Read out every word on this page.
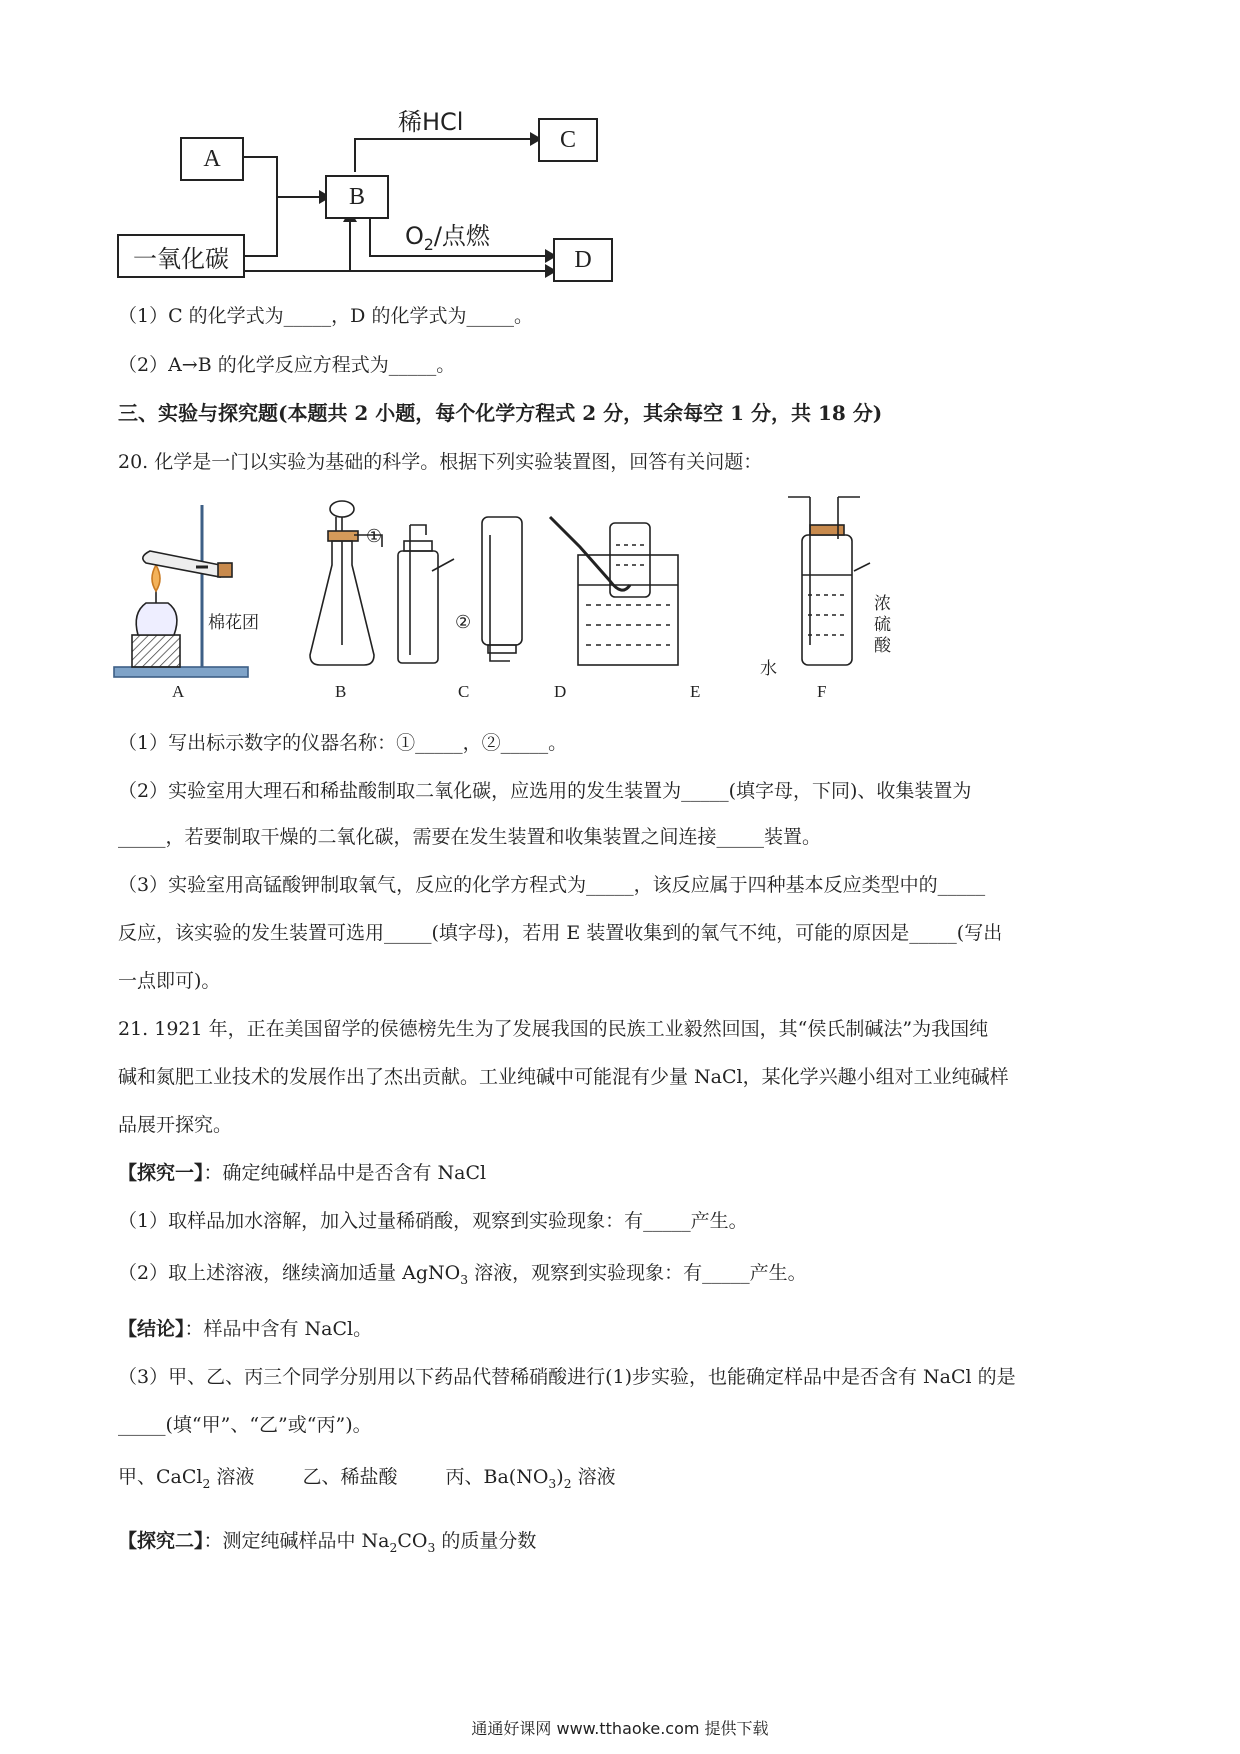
A
B
C
D
一氧化碳
稀HCl
$O_2/$点燃
（1）C 的化学式为_____，D 的化学式为_____。
（2）A→B 的化学反应方程式为_____。
三、实验与探究题(本题共 2 小题，每个化学方程式 2 分，其余每空 1 分，共 18 分)
20. 化学是一门以实验为基础的科学。根据下列实验装置图，回答有关问题：
A	B	C	D	E	F
棉花团
①
②
水
浓
硫
酸
（1）写出标示数字的仪器名称：①_____，②_____。
（2）实验室用大理石和稀盐酸制取二氧化碳，应选用的发生装置为_____(填字母，下同)、收集装置为
_____，若要制取干燥的二氧化碳，需要在发生装置和收集装置之间连接_____装置。
（3）实验室用高锰酸钾制取氧气，反应的化学方程式为_____，该反应属于四种基本反应类型中的_____
反应，该实验的发生装置可选用_____(填字母)，若用 E 装置收集到的氧气不纯，可能的原因是_____(写出
一点即可)。
21. 1921 年，正在美国留学的侯德榜先生为了发展我国的民族工业毅然回国，其“侯氏制碱法”为我国纯
碱和氮肥工业技术的发展作出了杰出贡献。工业纯碱中可能混有少量 NaCl，某化学兴趣小组对工业纯碱样
品展开探究。
【探究一】：确定纯碱样品中是否含有 NaCl
（1）取样品加水溶解，加入过量稀硝酸，观察到实验现象：有_____产生。
（2）取上述溶液，继续滴加适量 AgNO$_3$ 溶液，观察到实验现象：有_____产生。
【结论】：样品中含有 NaCl。
（3）甲、乙、丙三个同学分别用以下药品代替稀硝酸进行(1)步实验，也能确定样品中是否含有 NaCl 的是
_____(填“甲”、“乙”或“丙”)。
甲、CaCl$_2$ 溶液	乙、稀盐酸	丙、$Ba(NO_3)_2$ 溶液
【探究二】：测定纯碱样品中 $Na_2CO_3$ 的质量分数
通通好课网 www.tthaoke.com 提供下载
